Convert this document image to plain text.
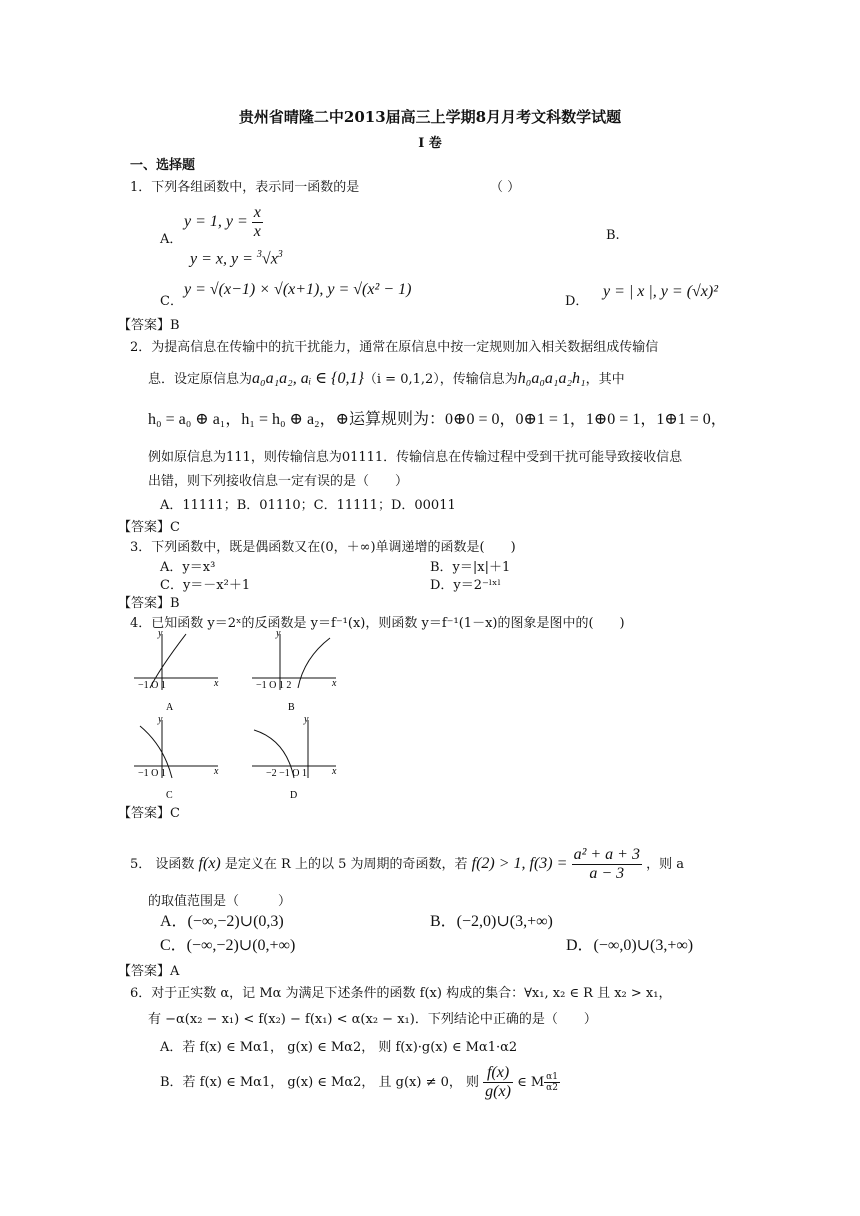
贵州省晴隆二中2013届高三上学期8月月考文科数学试题
I 卷
一、选择题
1．下列各组函数中，表示同一函数的是	（ ）
A．
y = 1, $y = \frac{x}{x}$	B.
y = x, $y = ^3√x^3$
C．
y = √(x−1) × √(x+1), y = √(x² − 1)
D．
y = | x |, y = (√x)²
【答案】B
2．为提高信息在传输中的抗干扰能力，通常在原信息中按一定规则加入相关数据组成传输信
息．设定原信息为a₀a₁a₂, aᵢ ∈ {0,1}（i = 0,1,2），传输信息为h₀a₀a₁a₂h₁，其中
h₀ = a₀ ⊕ a₁，h₁ = h₀ ⊕ a₂，⊕运算规则为：0⊕0 = 0，0⊕1 = 1，1⊕0 = 1，1⊕1 = 0，
例如原信息为111，则传输信息为01111．传输信息在传输过程中受到干扰可能导致接收信息
出错，则下列接收信息一定有误的是（　　）
A．11111；B．01110；C．11111；D．00011
【答案】C
3．下列函数中，既是偶函数又在(0，＋∞)单调递增的函数是(　　)
A．y＝x³	B．y＝|x|＋1
C．y＝－x²＋1	D．y＝2⁻ˡˣˡ
【答案】B
4．已知函数 y＝2ˣ的反函数是 y＝f⁻¹(x)，则函数 y＝f⁻¹(1－x)的图象是图中的(　　)
y
x
−1 O 1
A
y
x
−1 O 1 2
B
y
x
−1 O 1
C
y
x
−2 −1 O 1
D
【答案】C
5． 设函数 f(x) 是定义在 R 上的以 5 为周期的奇函数，若 f(2) > 1, $f(3) = \frac{\text{a² + a + 3}}{a - 3}$ ，则 a
的取值范围是（　　　）
A．(−∞,−2)∪(0,3)	B．(−2,0)∪(3,+∞)
C．(−∞,−2)∪(0,+∞)	D．(−∞,0)∪(3,+∞)
【答案】A
6．对于正实数 α，记 Mα 为满足下述条件的函数 f(x) 构成的集合：∀x₁, x₂ ∈ R 且 x₂ > x₁，
有 −α(x₂ − x₁) < f(x₂) − f(x₁) < α(x₂ − x₁)．下列结论中正确的是（　　）
A．若 f(x) ∈ Mα1， g(x) ∈ Mα2， 则 f(x)·g(x) ∈ Mα1·α2
B．若 f(x) ∈ Mα1， g(x) ∈ Mα2， 且 g(x) ≠ 0， 则 $\frac{f(x)}{g(x)}$ ∈ M $\frac{\alpha 1}{\alpha 2}$
